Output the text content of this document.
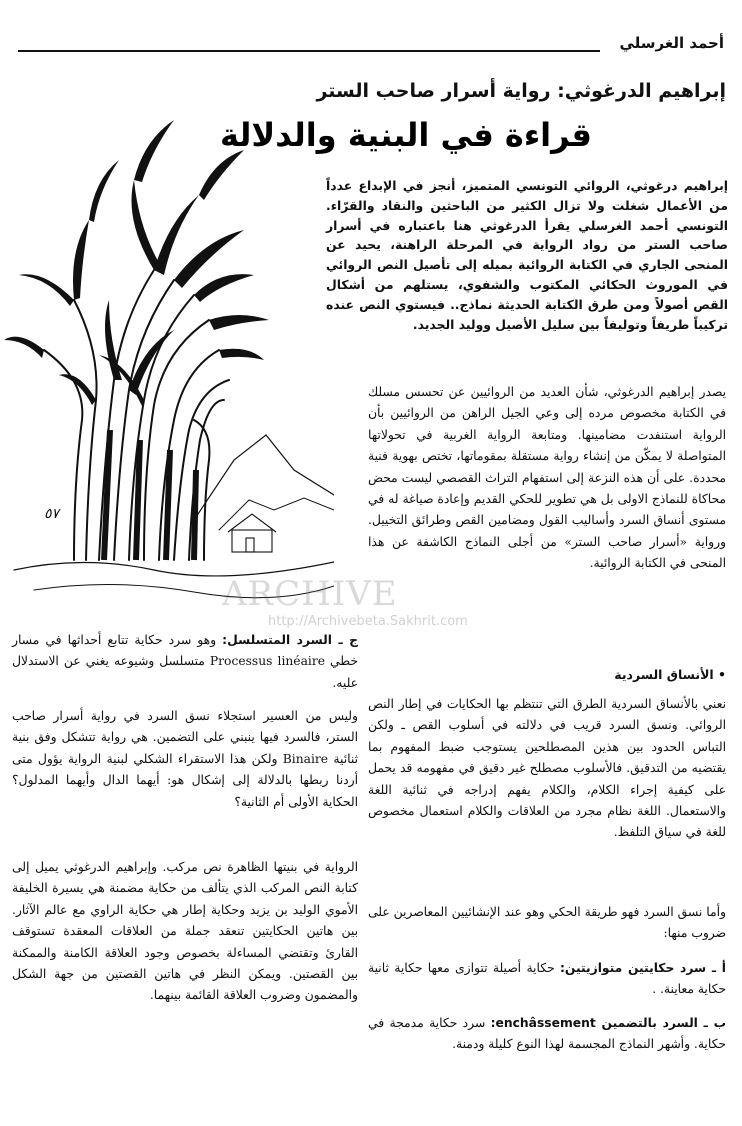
أحمد الغرسلي
إبراهيم الدرغوثي: رواية أسرار صاحب الستر
قراءة في البنية والدلالة
إبراهيم درغوثي، الروائي التونسي المتميز، أنجز في الإبداع عدداً من الأعمال شغلت ولا تزال الكثير من الباحثين والنقاد والقرّاء. التونسي أحمد الغرسلي يقرأ الدرغوثي هنا باعتباره في أسرار صاحب الستر من رواد الرواية في المرحلة الراهنة، يحيد عن المنحى الجاري في الكتابة الروائية بميله إلى تأصيل النص الروائي في الموروث الحكائي المكتوب والشفوي، يستلهم من أشكال القص أصولاً ومن طرق الكتابة الحديثة نماذج.. فيستوي النص عنده تركيباً طريفاً وتوليفاً بين سليل الأصيل ووليد الجديد.
٥٧
ARCHIVE
http://Archivebeta.Sakhrit.com
يصدر إبراهيم الدرغوثي، شأن العديد من الروائيين عن تحسس مسلك في الكتابة مخصوص مرده إلى وعي الجيل الراهن من الروائيين بأن الرواية استنفدت مضامينها. ومتابعة الرواية الغربية في تحولاتها المتواصلة لا يمكّن من إنشاء رواية مستقلة بمقوماتها، تختص بهوية فنية محددة. على أن هذه النزعة إلى استفهام التراث القصصي ليست محض محاكاة للنماذج الاولى بل هي تطوير للحكي القديم وإعادة صياغة له في مستوى أنساق السرد وأساليب القول ومضامين القص وطرائق التخييل. ورواية «أسرار صاحب الستر» من أجلى النماذج الكاشفة عن هذا المنحى في الكتابة الروائية.
• الأنساق السردية
نعني بالأنساق السردية الطرق التي تنتظم بها الحكايات في إطار النص الروائي. ونسق السرد قريب في دلالته في أسلوب القص ـ ولكن التباس الحدود بين هذين المصطلحين يستوجب ضبط المفهوم بما يقتضيه من التدقيق. فالأسلوب مصطلح غير دقيق في مفهومه قد يحمل على كيفية إجراء الكلام، والكلام يفهم إدراجه في ثنائية اللغة والاستعمال. اللغة نظام مجرد من العلاقات والكلام استعمال مخصوص للغة في سياق التلفظ.
وأما نسق السرد فهو طريقة الحكي وهو عند الإنشائيين المعاصرين على ضروب منها:
أ ـ سرد حكايتين متوازيتين: حكاية أصيلة تتوازى معها حكاية ثانية حكاية معاينة. .
ب ـ السرد بالتضمين enchâssement: سرد حكاية مدمجة في حكاية. وأشهر النماذج المجسمة لهذا النوع كليلة ودمنة.
ج ـ السرد المتسلسل: وهو سرد حكاية تتابع أحداثها في مسار خطي Processus linéaire متسلسل وشيوعه يغني عن الاستدلال عليه.
وليس من العسير استجلاء نسق السرد في رواية أسرار صاحب الستر، فالسرد فيها ينبني على التضمين. هي رواية تتشكل وفق بنية ثنائية Binaire ولكن هذا الاستقراء الشكلي لبنية الرواية يؤول متى أردنا ربطها بالدلالة إلى إشكال هو: أيهما الدال وأيهما المدلول؟ الحكاية الأولى أم الثانية؟
الرواية في بنيتها الظاهرة نص مركب. وإبراهيم الدرغوثي يميل إلى كتابة النص المركب الذي يتألف من حكاية مضمنة هي يسيرة الخليفة الأموي الوليد بن يزيد وحكاية إطار هي حكاية الراوي مع عالم الآثار. بين هاتين الحكايتين تنعقد جملة من العلاقات المعقدة تستوقف القارئ وتقتضي المساءلة بخصوص وجود العلاقة الكامنة والممكنة بين القصتين. ويمكن النظر في هاتين القصتين من جهة الشكل والمضمون وضروب العلاقة القائمة بينهما.
